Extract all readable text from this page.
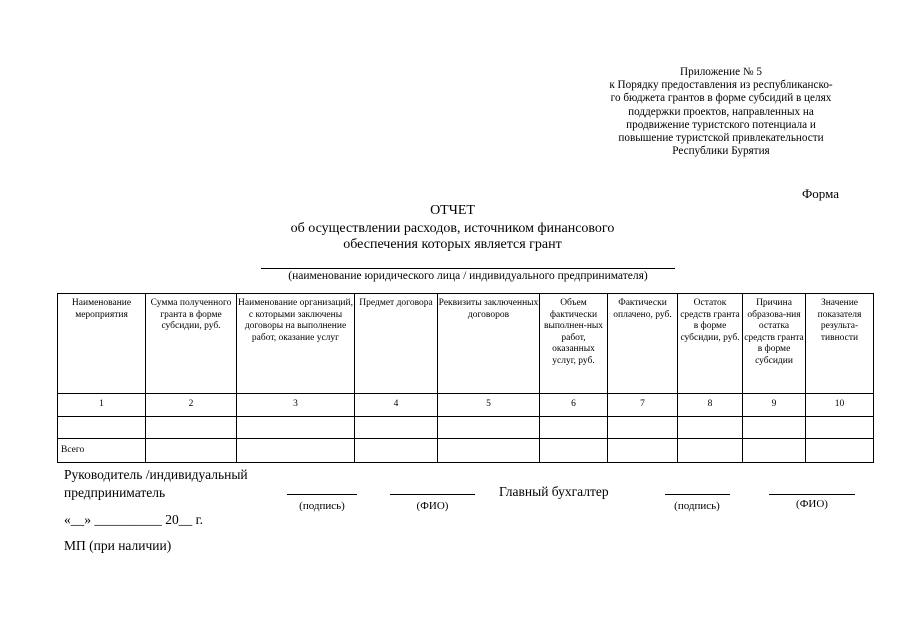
Приложение № 5
к Порядку предоставления из республиканско-
го бюджета грантов в форме субсидий в целях
поддержки проектов, направленных на
продвижение туристского потенциала и
повышение туристской привлекательности
Республики Бурятия
Форма
ОТЧЕТ
об осуществлении расходов, источником финансового
обеспечения которых является грант
(наименование юридического лица / индивидуального предпринимателя)
Наименование мероприятия	Сумма полученного гранта в форме субсидии, руб.	Наименование организаций, с которыми заключены договоры на выполнение работ, оказание услуг	Предмет договора	Реквизиты заключенных договоров	Объем фактически выполнен-ных работ, оказанных услуг, руб.	Фактически оплачено, руб.	Остаток средств гранта в форме субсидии, руб.	Причина образова-ния остатка средств гранта в форме субсидии	Значение показателя результа-тивности
1	2	3	4	5	6	7	8	9	10

Всего									
Руководитель /индивидуальный
предприниматель
(подпись)	(ФИО)
Главный бухгалтер
(подпись)	(ФИО)
«__» __________ 20__ г.
МП (при наличии)
